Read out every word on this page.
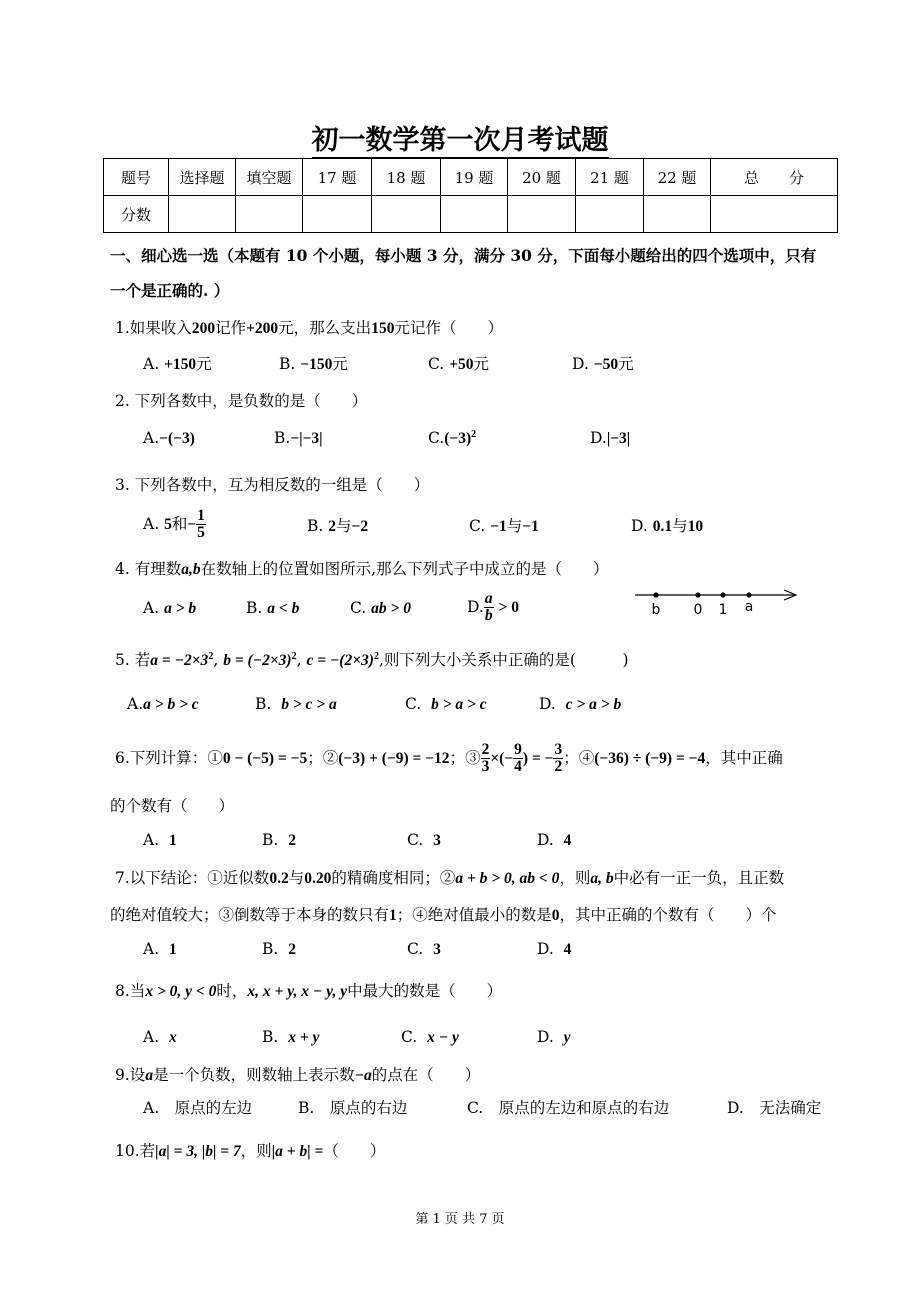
初一数学第一次月考试题
题号	选择题	填空题	17 题	18 题	19 题	20 题	21 题	22 题	总　　分
分数									
一、细心选一选（本题有 10 个小题，每小题 3 分，满分 30 分，下面每小题给出的四个选项中，只有
一个是正确的. ）
1.如果收入200记作+200元，那么支出150元记作（　　）
A. +150元	B. −150元	C. +50元	D. −50元
2. 下列各数中，是负数的是（　　）
A.−(−3)	B.−|−3|	$C.(-3)^2$	D.|−3|
3. 下列各数中，互为相反数的一组是（　　）
A. 5和− $\frac{1}{5}$	B. 2与−2	C. −1与−1	D. 0.1与10
4. 有理数a,b在数轴上的位置如图所示,那么下列式子中成立的是（　　）
A. a > b	B. a < b	C. ab > 0	D. $\frac{a}{b} > 0$	b 0 1 a
5. 若$a = -2\times 3^2$, $b = (-2\times 3)^2$, $c = -(2\times 3)^2$,则下列大小关系中正确的是(　　　)
A.a > b > c	B. b > c > a	C. b > a > c	D. c > a > b
6.下列计算：①0 − (−5) = −5；②(−3) + (−9) = −12；③ $\frac{2}{3}$ ×(− $\frac{9}{4}$ ) = − $\frac{3}{2}$ ；④(−36) ÷ (−9) = −4，其中正确
的个数有（　　）
A. 1	B. 2	C. 3	D. 4
7.以下结论：①近似数0.2与0.20的精确度相同；②a + b > 0, ab < 0，则a, b中必有一正一负，且正数
的绝对值较大；③倒数等于本身的数只有1；④绝对值最小的数是0，其中正确的个数有（　　）个
A. 1	B. 2	C. 3	D. 4
8.当x > 0, y < 0时，x, x + y, x − y, y中最大的数是（　　）
A. x	B. x + y	C. x − y	D. y
9.设a是一个负数，则数轴上表示数−a的点在（　　）
A.　原点的左边	B.　原点的右边	C.　原点的左边和原点的右边	D.　无法确定
10.若|a| = 3, |b| = 7，则|a + b| =（　　）
第 1 页 共 7 页
